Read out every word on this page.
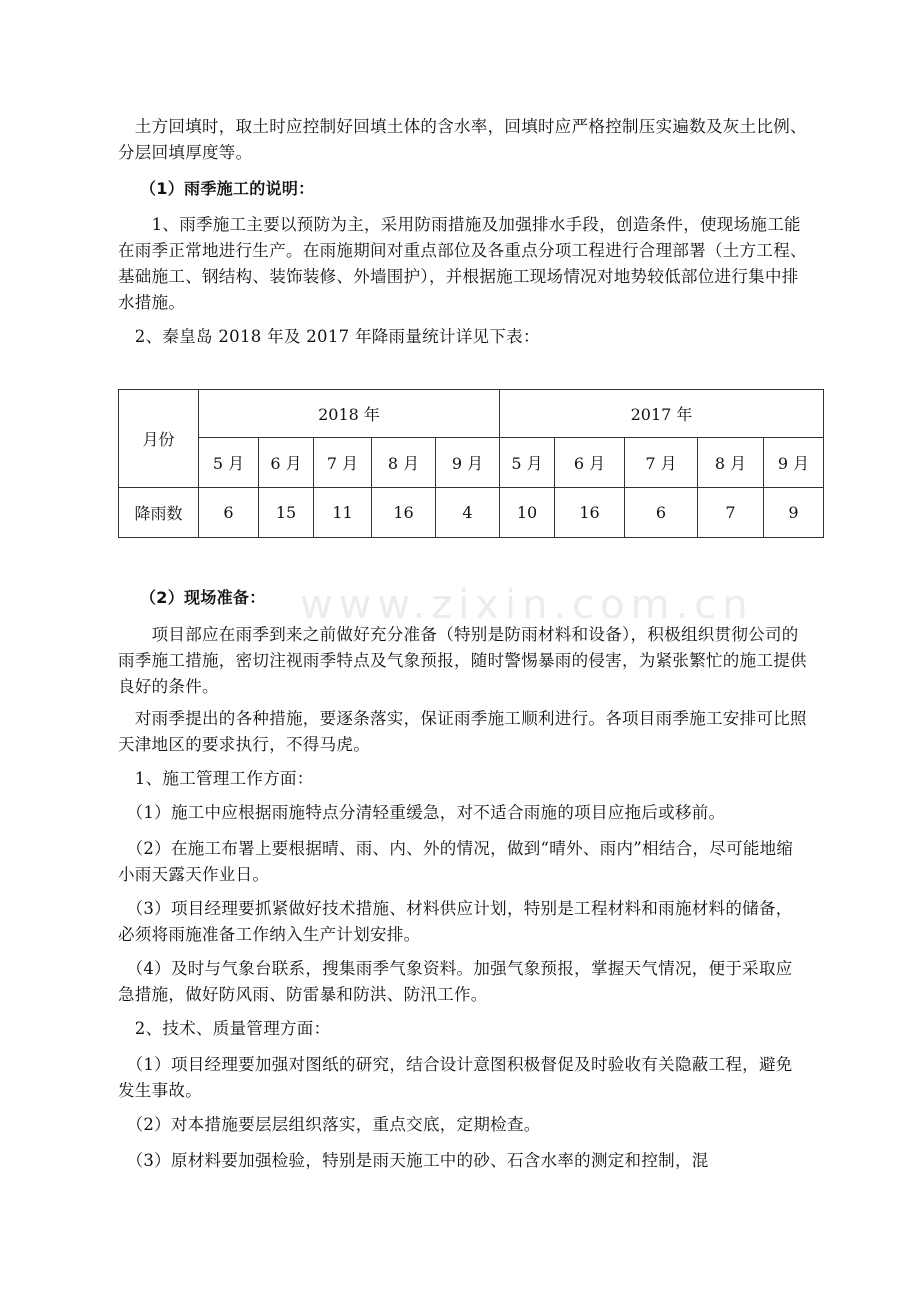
　土方回填时，取土时应控制好回填土体的含水率，回填时应严格控制压实遍数及灰土比例、分层回填厚度等。

（1）雨季施工的说明：

　　1、雨季施工主要以预防为主，采用防雨措施及加强排水手段，创造条件，使现场施工能在雨季正常地进行生产。在雨施期间对重点部位及各重点分项工程进行合理部署（土方工程、基础施工、钢结构、装饰装修、外墙围护），并根据施工现场情况对地势较低部位进行集中排水措施。

　2、秦皇岛 2018 年及 2017 年降雨量统计详见下表：

月份	2018 年					2017 年				
	5 月	6 月	7 月	8 月	9 月	5 月	6 月	7 月	8 月	9 月
降雨数	6	15	11	16	4	10	16	6	7	9
www.zixin.com.cn

（2）现场准备：

　　项目部应在雨季到来之前做好充分准备（特别是防雨材料和设备），积极组织贯彻公司的雨季施工措施，密切注视雨季特点及气象预报，随时警惕暴雨的侵害，为紧张繁忙的施工提供良好的条件。

　对雨季提出的各种措施，要逐条落实，保证雨季施工顺利进行。各项目雨季施工安排可比照天津地区的要求执行，不得马虎。

　1、施工管理工作方面：

　（1）施工中应根据雨施特点分清轻重缓急，对不适合雨施的项目应拖后或移前。

　（2）在施工布署上要根据晴、雨、内、外的情况，做到“晴外、雨内”相结合，尽可能地缩小雨天露天作业日。

　（3）项目经理要抓紧做好技术措施、材料供应计划，特别是工程材料和雨施材料的储备，必须将雨施准备工作纳入生产计划安排。

　（4）及时与气象台联系，搜集雨季气象资料。加强气象预报，掌握天气情况，便于采取应急措施，做好防风雨、防雷暴和防洪、防汛工作。

　2、技术、质量管理方面：

　（1）项目经理要加强对图纸的研究，结合设计意图积极督促及时验收有关隐蔽工程，避免发生事故。

　（2）对本措施要层层组织落实，重点交底，定期检查。

　（3）原材料要加强检验，特别是雨天施工中的砂、石含水率的测定和控制，混
